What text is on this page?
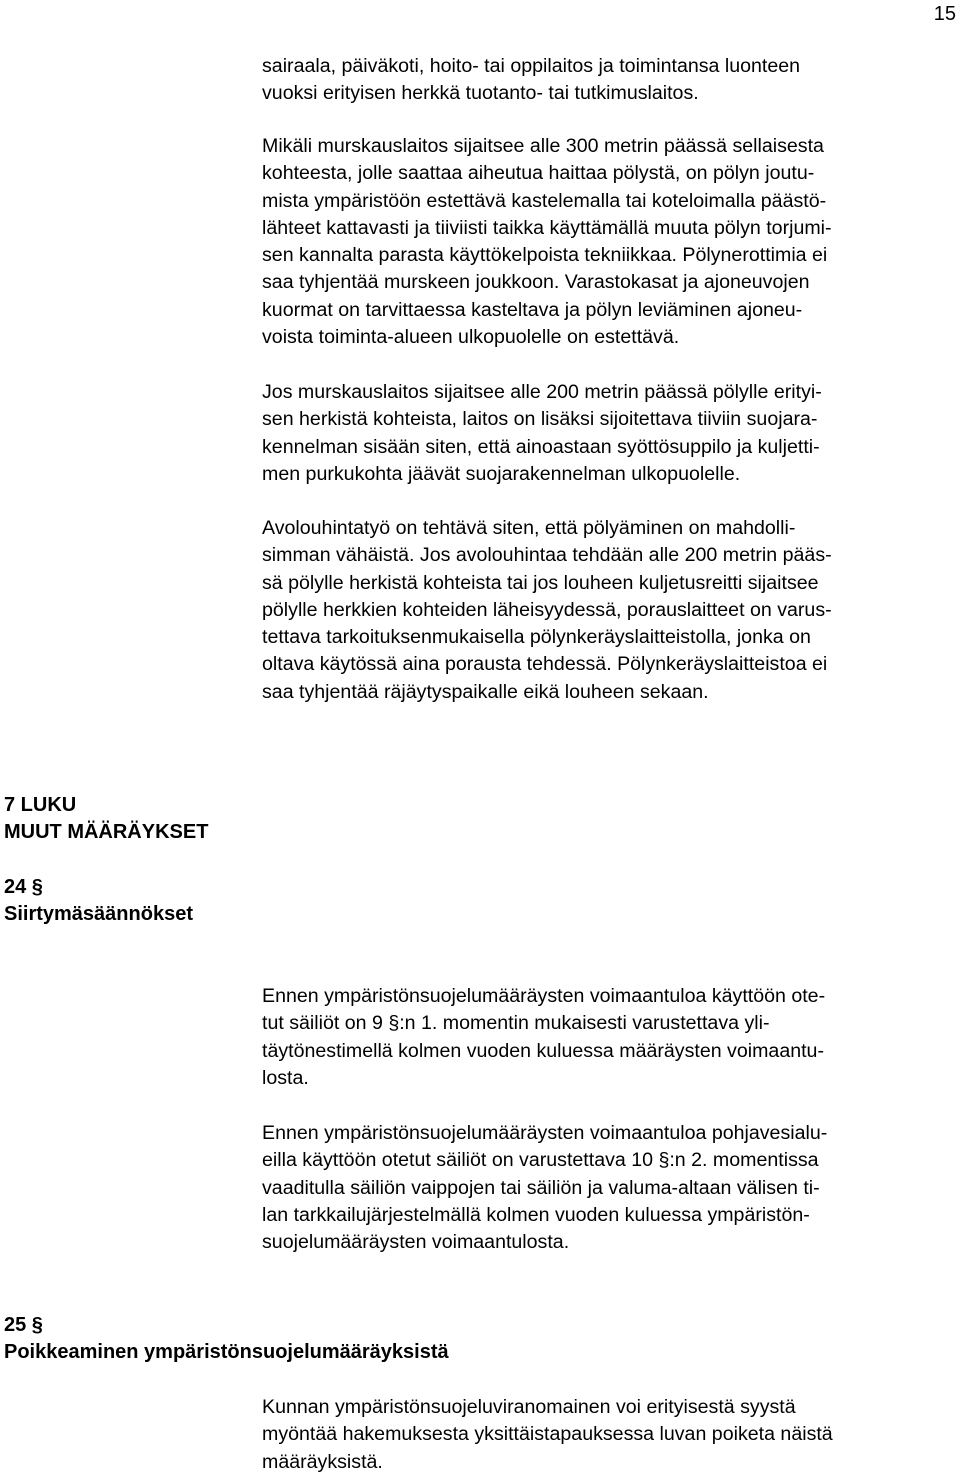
15

sairaala, päiväkoti, hoito- tai oppilaitos ja toimintansa luonteen
vuoksi erityisen herkkä tuotanto- tai tutkimuslaitos.

Mikäli murskauslaitos sijaitsee alle 300 metrin päässä sellaisesta
kohteesta, jolle saattaa aiheutua haittaa pölystä, on pölyn joutu-
mista ympäristöön estettävä kastelemalla tai koteloimalla päästö-
lähteet kattavasti ja tiiviisti taikka käyttämällä muuta pölyn torjumi-
sen kannalta parasta käyttökelpoista tekniikkaa. Pölynerottimia ei
saa tyhjentää murskeen joukkoon. Varastokasat ja ajoneuvojen
kuormat on tarvittaessa kasteltava ja pölyn leviäminen ajoneu-
voista toiminta-alueen ulkopuolelle on estettävä.

Jos murskauslaitos sijaitsee alle 200 metrin päässä pölylle erityi-
sen herkistä kohteista, laitos on lisäksi sijoitettava tiiviin suojara-
kennelman sisään siten, että ainoastaan syöttösuppilo ja kuljetti-
men purkukohta jäävät suojarakennelman ulkopuolelle.

Avolouhintatyö on tehtävä siten, että pölyäminen on mahdolli-
simman vähäistä. Jos avolouhintaa tehdään alle 200 metrin pääs-
sä pölylle herkistä kohteista tai jos louheen kuljetusreitti sijaitsee
pölylle herkkien kohteiden läheisyydessä, porauslaitteet on varus-
tettava tarkoituksenmukaisella pölynkeräyslaitteistolla, jonka on
oltava käytössä aina porausta tehdessä. Pölynkeräyslaitteistoa ei
saa tyhjentää räjäytyspaikalle eikä louheen sekaan.

7 LUKU
MUUT MÄÄRÄYKSET
24 §
Siirtymäsäännökset

Ennen ympäristönsuojelumääräysten voimaantuloa käyttöön ote-
tut säiliöt on 9 §:n 1. momentin mukaisesti varustettava yli-
täytönestimellä kolmen vuoden kuluessa määräysten voimaantu-
losta.

Ennen ympäristönsuojelumääräysten voimaantuloa pohjavesialu-
eilla käyttöön otetut säiliöt on varustettava 10 §:n 2. momentissa
vaaditulla säiliön vaippojen tai säiliön ja valuma-altaan välisen ti-
lan tarkkailujärjestelmällä kolmen vuoden kuluessa ympäristön-
suojelumääräysten voimaantulosta.

25 §
Poikkeaminen ympäristönsuojelumääräyksistä

Kunnan ympäristönsuojeluviranomainen voi erityisestä syystä
myöntää hakemuksesta yksittäistapauksessa luvan poiketa näistä
määräyksistä.
